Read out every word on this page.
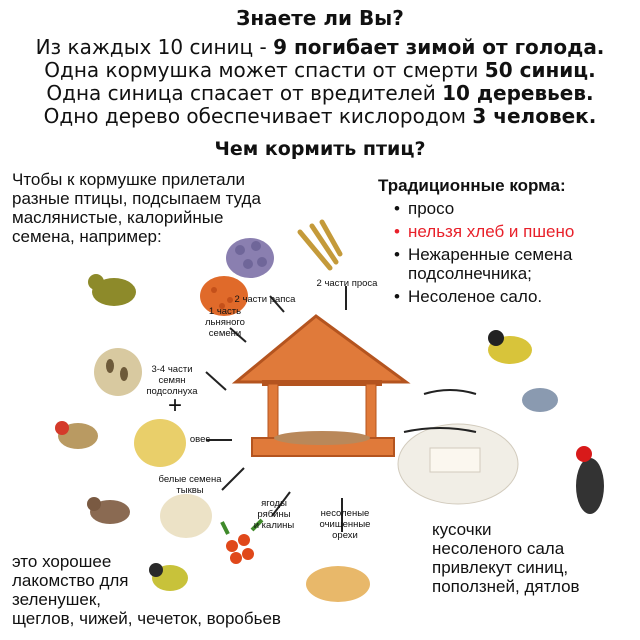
Знаете ли Вы?
Из каждых 10 синиц - 9 погибает зимой от голода.
Одна кормушка может спасти от смерти 50 синиц.
Одна синица спасает от вредителей 10 деревьев.
Одно дерево обеспечивает кислородом 3 человек.
Чем кормить птиц?
Чтобы к кормушке прилетали
разные птицы, подсыпаем туда
маслянистые, калорийные
семена, например:
Традиционные корма:
• просо
• нельзя хлеб и пшено
• Нежаренные семена подсолнечника;
• Несоленое сало.
2 части проса
2 части рапса
1 часть
льняного
семени
3-4 части
семян
подсолнуха
+
овес
белые семена
тыквы
ягоды
рябины
и калины
несоленые
очищенные
орехи
это хорошее
лакомство для
зеленушек,
щеглов, чижей, чечеток, воробьев
кусочки
несоленого сала
привлекут синиц,
поползней, дятлов
